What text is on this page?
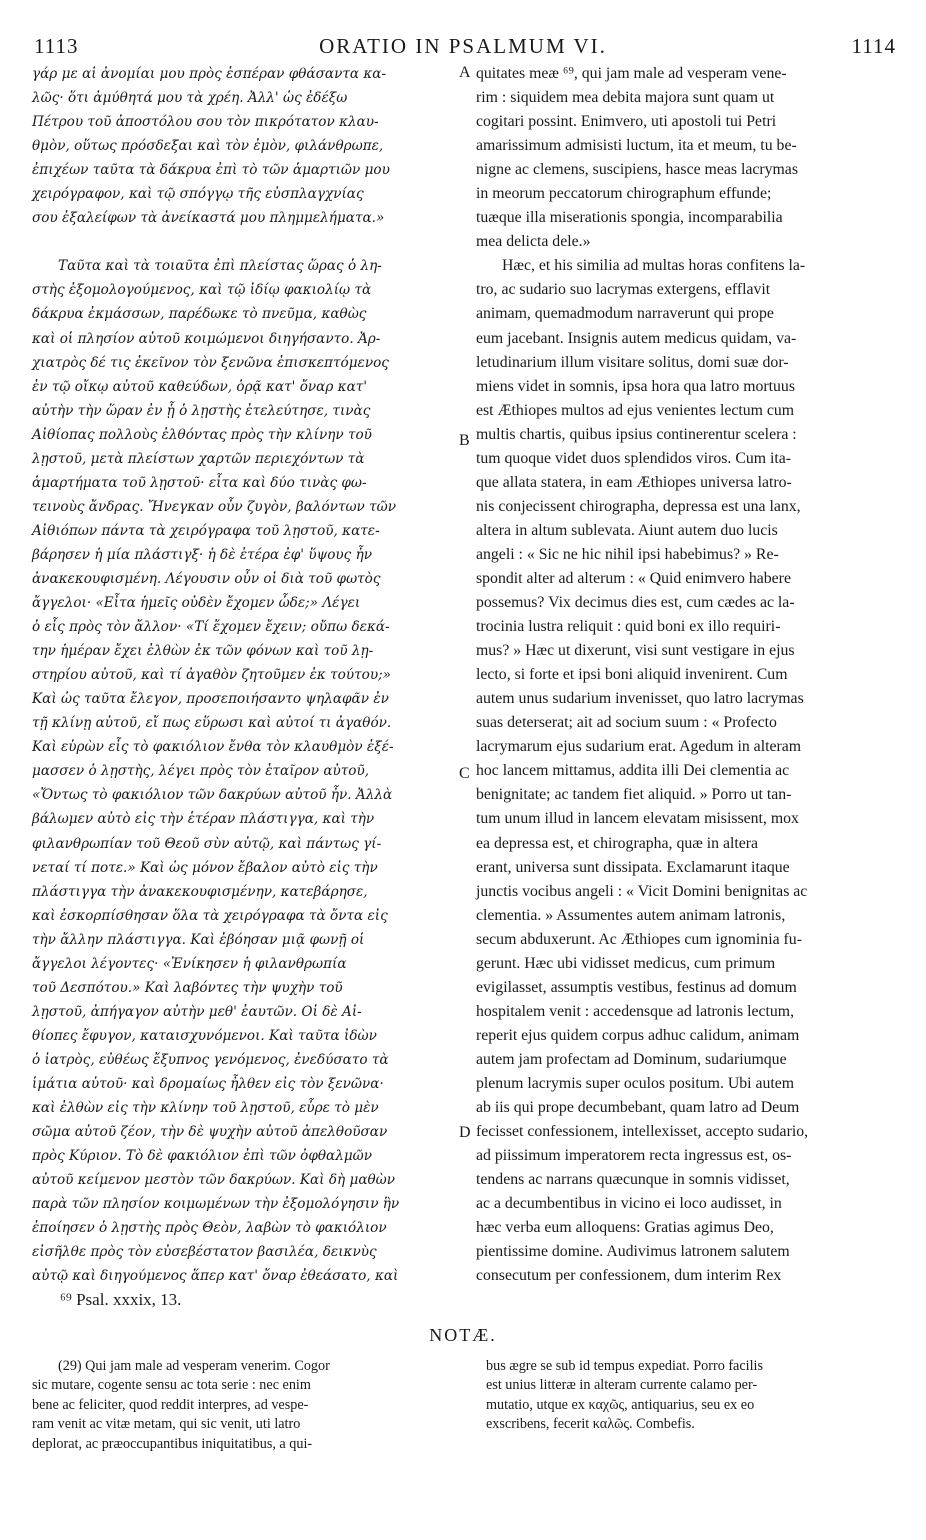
1113	ORATIO IN PSALMUM VI.	1114
γάρ με αἱ ἀνομίαι μου πρὸς ἑσπέραν φθάσαντα κα-
λῶς· ὅτι ἀμύθητά μου τὰ χρέη. Ἀλλ' ὡς ἐδέξω
Πέτρου τοῦ ἀποστόλου σου τὸν πικρότατον κλαυ-
θμὸν, οὕτως πρόσδεξαι καὶ τὸν ἐμὸν, φιλάνθρωπε,
ἐπιχέων ταῦτα τὰ δάκρυα ἐπὶ τὸ τῶν ἁμαρτιῶν μου
χειρόγραφον, καὶ τῷ σπόγγῳ τῆς εὐσπλαγχνίας
σου ἐξαλείφων τὰ ἀνείκαστά μου πλημμελήματα.»
Ταῦτα καὶ τὰ τοιαῦτα ἐπὶ πλείστας ὥρας ὁ λη-
στὴς ἐξομολογούμενος, καὶ τῷ ἰδίῳ φακιολίῳ τὰ
δάκρυα ἐκμάσσων, παρέδωκε τὸ πνεῦμα, καθὼς
καὶ οἱ πλησίον αὐτοῦ κοιμώμενοι διηγήσαντο. Ἀρ-
χιατρὸς δέ τις ἐκεῖνον τὸν ξενῶνα ἐπισκεπτόμενος
ἐν τῷ οἴκῳ αὐτοῦ καθεύδων, ὁρᾷ κατ' ὄναρ κατ'
αὐτὴν τὴν ὥραν ἐν ᾗ ὁ λῃστὴς ἐτελεύτησε, τινὰς
Αἰθίοπας πολλοὺς ἐλθόντας πρὸς τὴν κλίνην τοῦ
λῃστοῦ, μετὰ πλείστων χαρτῶν περιεχόντων τὰ
ἁμαρτήματα τοῦ λῃστοῦ· εἶτα καὶ δύο τινὰς φω-
τεινοὺς ἄνδρας. Ἤνεγκαν οὖν ζυγὸν, βαλόντων τῶν
Αἰθιόπων πάντα τὰ χειρόγραφα τοῦ λῃστοῦ, κατε-
βάρησεν ἡ μία πλάστιγξ· ἡ δὲ ἑτέρα ἐφ' ὕψους ἦν
ἀνακεκουφισμένη. Λέγουσιν οὖν οἱ διὰ τοῦ φωτὸς
ἄγγελοι· «Εἶτα ἡμεῖς οὐδὲν ἔχομεν ὧδε;» Λέγει
ὁ εἷς πρὸς τὸν ἄλλον· «Τί ἔχομεν ἔχειν; οὔπω δεκά-
την ἡμέραν ἔχει ἐλθὼν ἐκ τῶν φόνων καὶ τοῦ λῃ-
στηρίου αὐτοῦ, καὶ τί ἀγαθὸν ζητοῦμεν ἐκ τούτου;»
Καὶ ὡς ταῦτα ἔλεγον, προσεποιήσαντο ψηλαφᾶν ἐν
τῇ κλίνῃ αὐτοῦ, εἴ πως εὕρωσι καὶ αὐτοί τι ἀγαθόν.
Καὶ εὑρὼν εἷς τὸ φακιόλιον ἔνθα τὸν κλαυθμὸν ἐξέ-
μασσεν ὁ λῃστὴς, λέγει πρὸς τὸν ἑταῖρον αὐτοῦ,
«Ὄντως τὸ φακιόλιον τῶν δακρύων αὐτοῦ ἦν. Ἀλλὰ
βάλωμεν αὐτὸ εἰς τὴν ἑτέραν πλάστιγγα, καὶ τὴν
φιλανθρωπίαν τοῦ Θεοῦ σὺν αὐτῷ, καὶ πάντως γί-
νεταί τί ποτε.» Καὶ ὡς μόνον ἔβαλον αὐτὸ εἰς τὴν
πλάστιγγα τὴν ἀνακεκουφισμένην, κατεβάρησε,
καὶ ἐσκορπίσθησαν ὅλα τὰ χειρόγραφα τὰ ὄντα εἰς
τὴν ἄλλην πλάστιγγα. Καὶ ἐβόησαν μιᾷ φωνῇ οἱ
ἄγγελοι λέγοντες· «Ἐνίκησεν ἡ φιλανθρωπία
τοῦ Δεσπότου.» Καὶ λαβόντες τὴν ψυχὴν τοῦ
λῃστοῦ, ἀπήγαγον αὐτὴν μεθ' ἑαυτῶν. Οἱ δὲ Αἰ-
θίοπες ἔφυγον, καταισχυνόμενοι. Καὶ ταῦτα ἰδὼν
ὁ ἰατρὸς, εὐθέως ἔξυπνος γενόμενος, ἐνεδύσατο τὰ
ἱμάτια αὐτοῦ· καὶ δρομαίως ἦλθεν εἰς τὸν ξενῶνα·
καὶ ἐλθὼν εἰς τὴν κλίνην τοῦ λῃστοῦ, εὗρε τὸ μὲν
σῶμα αὐτοῦ ζέον, τὴν δὲ ψυχὴν αὐτοῦ ἀπελθοῦσαν
πρὸς Κύριον. Τὸ δὲ φακιόλιον ἐπὶ τῶν ὀφθαλμῶν
αὐτοῦ κείμενον μεστὸν τῶν δακρύων. Καὶ δὴ μαθὼν
παρὰ τῶν πλησίον κοιμωμένων τὴν ἐξομολόγησιν ἣν
ἐποίησεν ὁ λῃστὴς πρὸς Θεὸν, λαβὼν τὸ φακιόλιον
εἰσῆλθε πρὸς τὸν εὐσεβέστατον βασιλέα, δεικνὺς
αὐτῷ καὶ διηγούμενος ἅπερ κατ' ὄναρ ἐθεάσατο, καὶ
quitates meæ ⁶⁹, qui jam male ad vesperam vene-
rim : siquidem mea debita majora sunt quam ut
cogitari possint. Enimvero, uti apostoli tui Petri
amarissimum admisisti luctum, ita et meum, tu be-
nigne ac clemens, suscipiens, hasce meas lacrymas
in meorum peccatorum chirographum effunde;
tuæque illa miserationis spongia, incomparabilia
mea delicta dele.»
Hæc, et his similia ad multas horas confitens la-
tro, ac sudario suo lacrymas extergens, efflavit
animam, quemadmodum narraverunt qui prope
eum jacebant. Insignis autem medicus quidam, va-
letudinarium illum visitare solitus, domi suæ dor-
miens videt in somnis, ipsa hora qua latro mortuus
est Æthiopes multos ad ejus venientes lectum cum
multis chartis, quibus ipsius continerentur scelera :
tum quoque videt duos splendidos viros. Cum ita-
que allata statera, in eam Æthiopes universa latro-
nis conjecissent chirographa, depressa est una lanx,
altera in altum sublevata. Aiunt autem duo lucis
angeli : « Sic ne hic nihil ipsi habebimus? » Re-
spondit alter ad alterum : « Quid enimvero habere
possemus? Vix decimus dies est, cum cædes ac la-
trocinia lustra reliquit : quid boni ex illo requiri-
mus? » Hæc ut dixerunt, visi sunt vestigare in ejus
lecto, si forte et ipsi boni aliquid invenirent. Cum
autem unus sudarium invenisset, quo latro lacrymas
suas deterserat; ait ad socium suum : « Profecto
lacrymarum ejus sudarium erat. Agedum in alteram
hoc lancem mittamus, addita illi Dei clementia ac
benignitate; ac tandem fiet aliquid. » Porro ut tan-
tum unum illud in lancem elevatam misissent, mox
ea depressa est, et chirographa, quæ in altera
erant, universa sunt dissipata. Exclamarunt itaque
junctis vocibus angeli : « Vicit Domini benignitas ac
clementia. » Assumentes autem animam latronis,
secum abduxerunt. Ac Æthiopes cum ignominia fu-
gerunt. Hæc ubi vidisset medicus, cum primum
evigilasset, assumptis vestibus, festinus ad domum
hospitalem venit : accedensque ad latronis lectum,
reperit ejus quidem corpus adhuc calidum, animam
autem jam profectam ad Dominum, sudariumque
plenum lacrymis super oculos positum. Ubi autem
ab iis qui prope decumbebant, quam latro ad Deum
fecisset confessionem, intellexisset, accepto sudario,
ad piissimum imperatorem recta ingressus est, os-
tendens ac narrans quæcunque in somnis vidisset,
ac a decumbentibus in vicino ei loco audisset, in
hæc verba eum alloquens: Gratias agimus Deo,
pientissime domine. Audivimus latronem salutem
consecutum per confessionem, dum interim Rex
A
B
C
D
⁶⁹ Psal. xxxix, 13.
NOTÆ.
(29) Qui jam male ad vesperam venerim. Cogor
sic mutare, cogente sensu ac tota serie : nec enim
bene ac feliciter, quod reddit interpres, ad vespe-
ram venit ac vitæ metam, qui sic venit, uti latro
deplorat, ac præoccupantibus iniquitatibus, a qui-
bus ægre se sub id tempus expediat. Porro facilis
est unius litteræ in alteram currente calamo per-
mutatio, utque ex καχῶς, antiquarius, seu ex eo
exscribens, fecerit καλῶς. Combefis.
